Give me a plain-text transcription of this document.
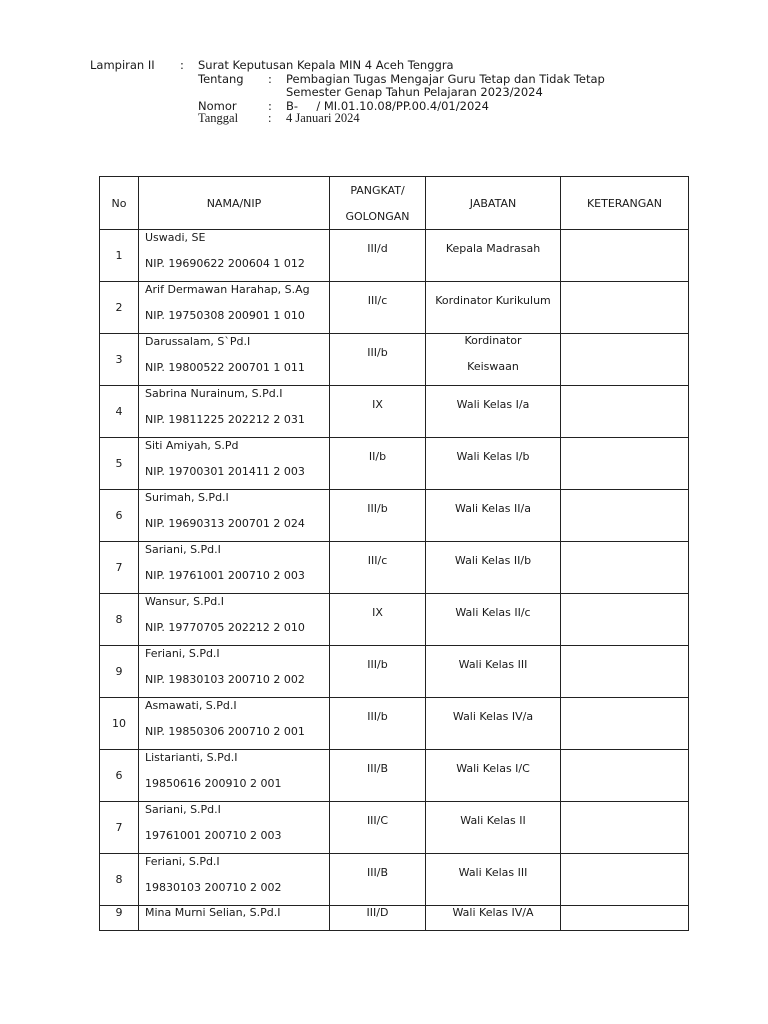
Lampiran II : Surat Keputusan Kepala MIN 4 Aceh Tenggra
Tentang : Pembagian Tugas Mengajar Guru Tetap dan Tidak Tetap
Semester Genap Tahun Pelajaran 2023/2024
Nomor	: B-     / MI.01.10.08/PP.00.4/01/2024
Tanggal : 4 Januari 2024
No	NAMA/NIP	PANGKAT/
GOLONGAN	JABATAN	KETERANGAN
1	Uswadi, SE
NIP. 19690622 200604 1 012	III/d	Kepala Madrasah	

2	Arif Dermawan Harahap, S.Ag
NIP. 19750308 200901 1 010	III/c	Kordinator Kurikulum	

3	Darussalam, S`Pd.I
NIP. 19800522 200701 1 011	III/b	Kordinator
Keiswaan	

4	Sabrina Nurainum, S.Pd.I
NIP. 19811225 202212 2 031	IX	Wali Kelas I/a	

5	Siti Amiyah, S.Pd
NIP. 19700301 201411 2 003	II/b	Wali Kelas I/b	

6	Surimah, S.Pd.I
NIP. 19690313 200701 2 024	III/b	Wali Kelas II/a	

7	Sariani, S.Pd.I
NIP. 19761001 200710 2 003	III/c	Wali Kelas II/b	

8	Wansur, S.Pd.I
NIP. 19770705 202212 2 010	IX	Wali Kelas II/c	

9	Feriani, S.Pd.I
NIP. 19830103 200710 2 002	III/b	Wali Kelas III	

10	Asmawati, S.Pd.I
NIP. 19850306 200710 2 001	III/b	Wali Kelas IV/a	

6	Listarianti, S.Pd.I
19850616 200910 2 001	III/B	Wali Kelas I/C	

7	Sariani, S.Pd.I
19761001 200710 2 003	III/C	Wali Kelas II	

8	Feriani, S.Pd.I
19830103 200710 2 002	III/B	Wali Kelas III	

9	Mina Murni Selian, S.Pd.I	III/D	Wali Kelas IV/A	
